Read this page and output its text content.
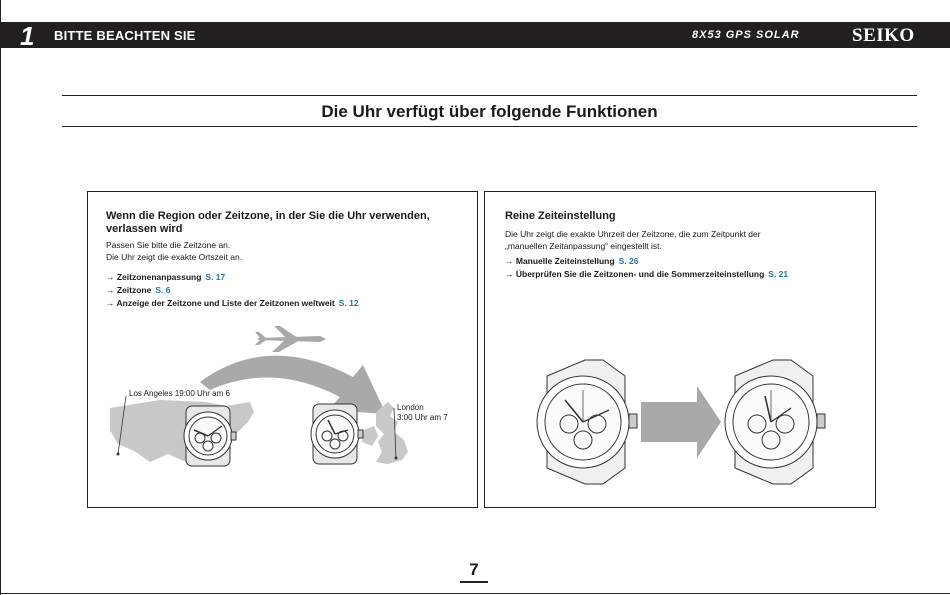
1 BITTE BEACHTEN SIE	8X53 GPS SOLAR	SEIKO
Die Uhr verfügt über folgende Funktionen
Wenn die Region oder Zeitzone, in der Sie die Uhr verwenden,
verlassen wird
Passen Sie bitte die Zeitzone an.
Die Uhr zeigt die exakte Ortszeit an.
→ Zeitzonenanpassung S. 17
→ Zeitzone S. 6
→ Anzeige der Zeitzone und Liste der Zeitzonen weltweit S. 12
Los Angeles 19:00 Uhr am 6
London
3:00 Uhr am 7
Reine Zeiteinstellung
Die Uhr zeigt die exakte Uhrzeit der Zeitzone, die zum Zeitpunkt der
„manuellen Zeitanpassung“ eingestellt ist.
→ Manuelle Zeiteinstellung S. 26
→ Überprüfen Sie die Zeitzonen- und die Sommerzeiteinstellung S. 21
7
